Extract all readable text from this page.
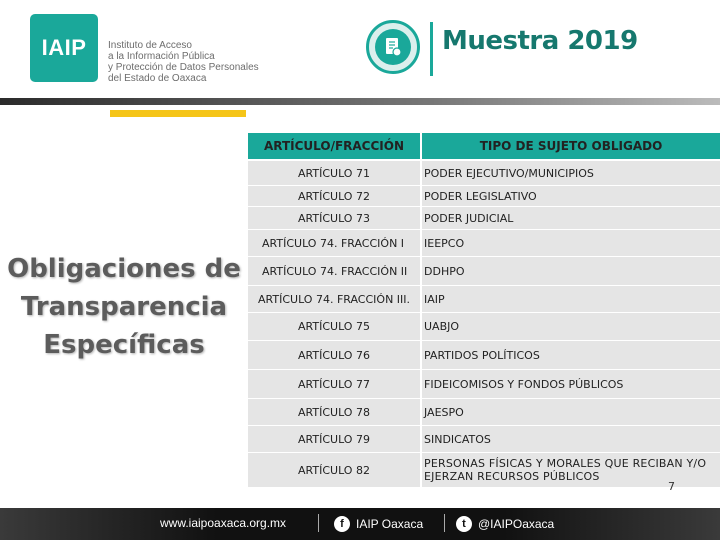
IAIP Instituto de Acceso
a la Información Pública
y Protección de Datos Personales
del Estado de Oaxaca
Muestra 2019
Obligaciones de
Transparencia
Específicas
ARTÍCULO/FRACCIÓN	TIPO DE SUJETO OBLIGADO
ARTÍCULO 71	PODER EJECUTIVO/MUNICIPIOS
ARTÍCULO 72	PODER LEGISLATIVO
ARTÍCULO 73	PODER JUDICIAL
ARTÍCULO 74. FRACCIÓN I	IEEPCO
ARTÍCULO 74. FRACCIÓN II	DDHPO
ARTÍCULO 74. FRACCIÓN III.	IAIP
ARTÍCULO 75	UABJO
ARTÍCULO 76	PARTIDOS POLÍTICOS
ARTÍCULO 77	FIDEICOMISOS Y FONDOS PÚBLICOS
ARTÍCULO 78	JAESPO
ARTÍCULO 79	SINDICATOS
ARTÍCULO 82	PERSONAS FÍSICAS Y MORALES QUE RECIBAN Y/O EJERZAN RECURSOS PÚBLICOS
7
www.iaipoaxaca.org.mx	f	IAIP Oaxaca	t	@IAIPOaxaca
